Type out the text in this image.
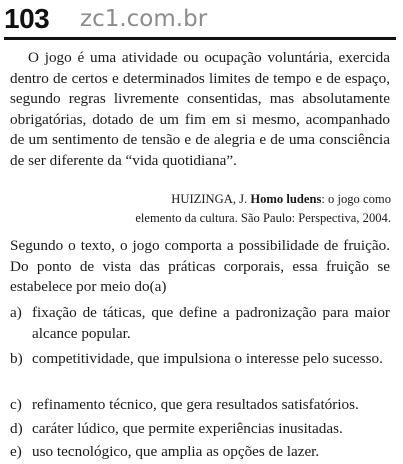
103 zc1.com.br
O jogo é uma atividade ou ocupação voluntária, exercida dentro de certos e determinados limites de tempo e de espaço, segundo regras livremente consentidas, mas absolutamente obrigatórias, dotado de um fim em si mesmo, acompanhado de um sentimento de tensão e de alegria e de uma consciência de ser diferente da “vida quotidiana”.
HUIZINGA, J. Homo ludens: o jogo como
elemento da cultura. São Paulo: Perspectiva, 2004.
Segundo o texto, o jogo comporta a possibilidade de fruição. Do ponto de vista das práticas corporais, essa fruição se estabelece por meio do(a)
a) fixação de táticas, que define a padronização para maior alcance popular.
b) competitividade, que impulsiona o interesse pelo sucesso.
c) refinamento técnico, que gera resultados satisfatórios.
d) caráter lúdico, que permite experiências inusitadas.
e) uso tecnológico, que amplia as opções de lazer.
